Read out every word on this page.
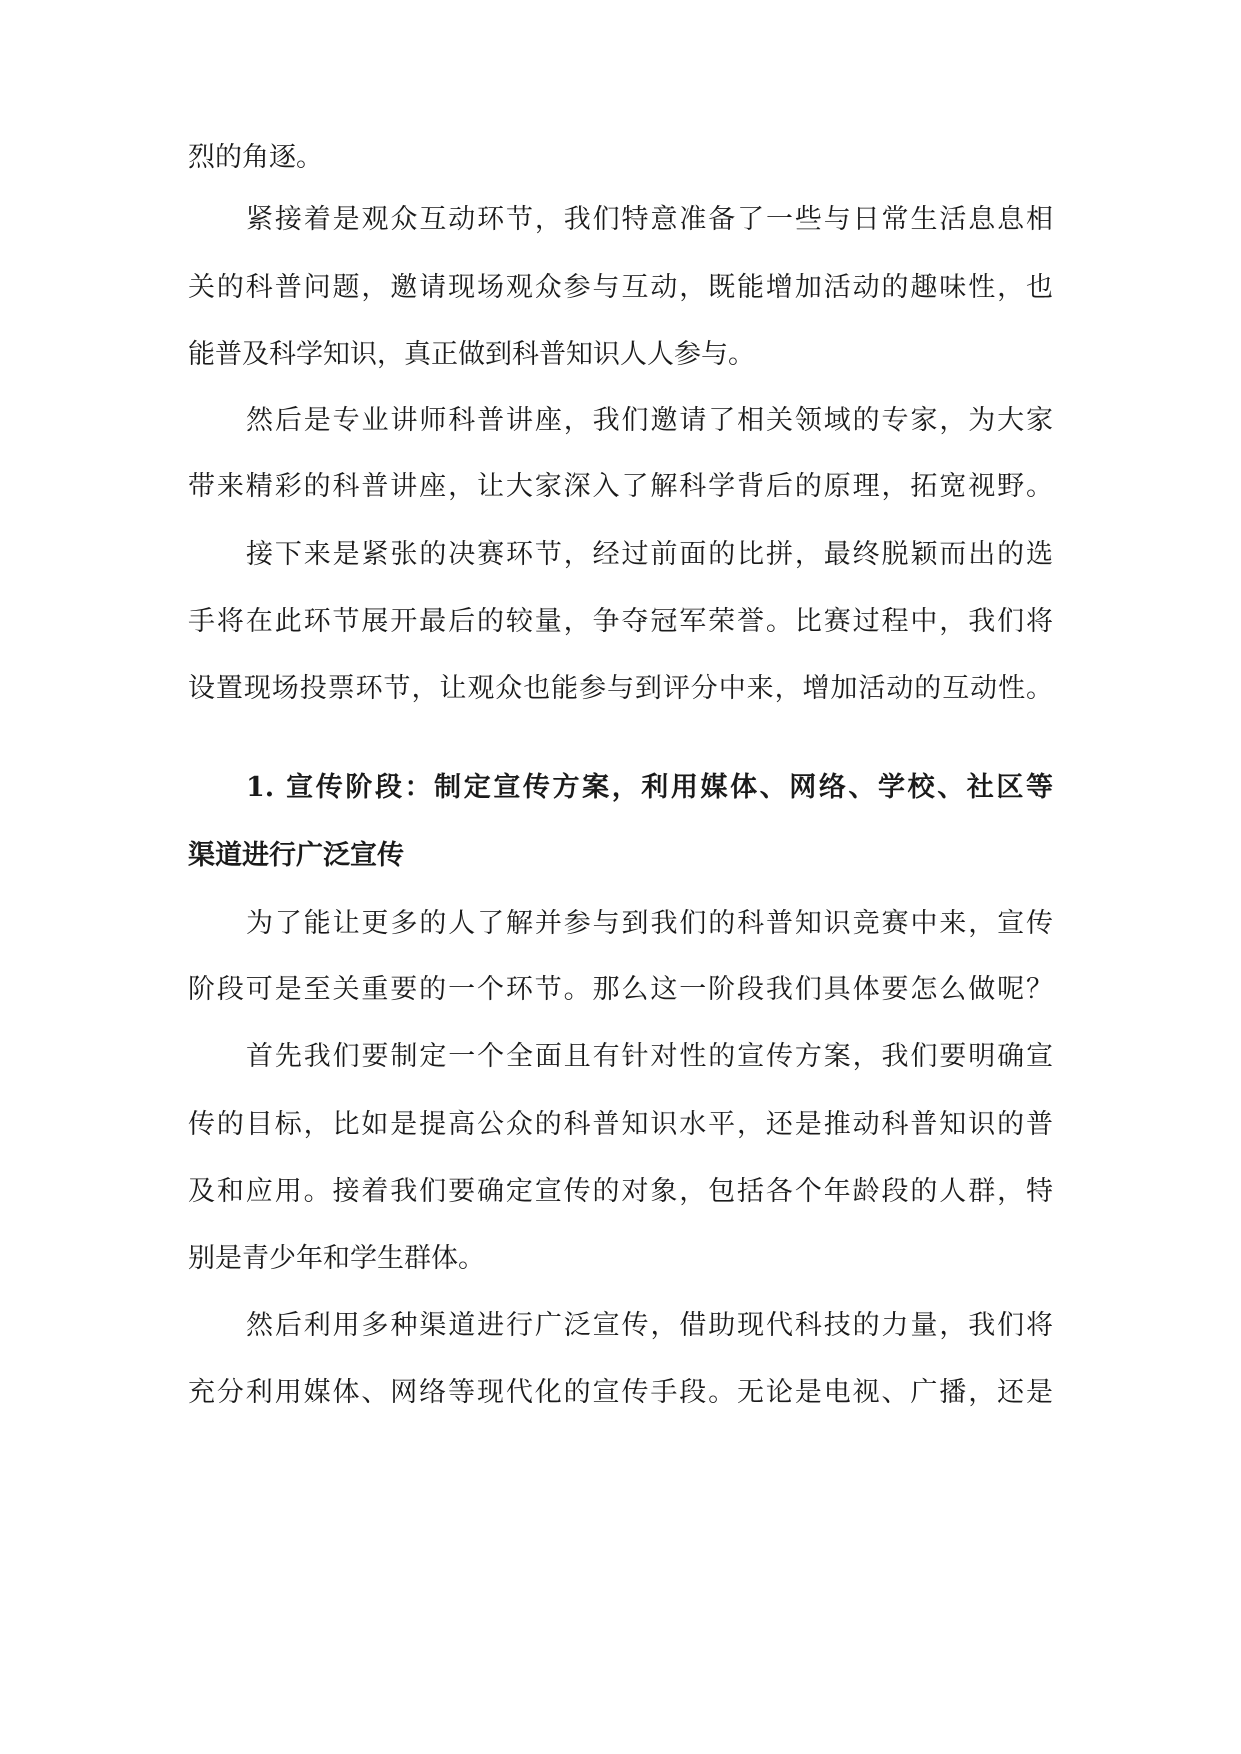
烈的角逐。
紧接着是观众互动环节，我们特意准备了一些与日常生活息息相
关的科普问题，邀请现场观众参与互动，既能增加活动的趣味性，也
能普及科学知识，真正做到科普知识人人参与。
然后是专业讲师科普讲座，我们邀请了相关领域的专家，为大家
带来精彩的科普讲座，让大家深入了解科学背后的原理，拓宽视野。
接下来是紧张的决赛环节，经过前面的比拼，最终脱颖而出的选
手将在此环节展开最后的较量，争夺冠军荣誉。比赛过程中，我们将
设置现场投票环节，让观众也能参与到评分中来，增加活动的互动性。
1. 宣传阶段：制定宣传方案，利用媒体、网络、学校、社区等
渠道进行广泛宣传
为了能让更多的人了解并参与到我们的科普知识竞赛中来，宣传
阶段可是至关重要的一个环节。那么这一阶段我们具体要怎么做呢？
首先我们要制定一个全面且有针对性的宣传方案，我们要明确宣
传的目标，比如是提高公众的科普知识水平，还是推动科普知识的普
及和应用。接着我们要确定宣传的对象，包括各个年龄段的人群，特
别是青少年和学生群体。
然后利用多种渠道进行广泛宣传，借助现代科技的力量，我们将
充分利用媒体、网络等现代化的宣传手段。无论是电视、广播，还是
